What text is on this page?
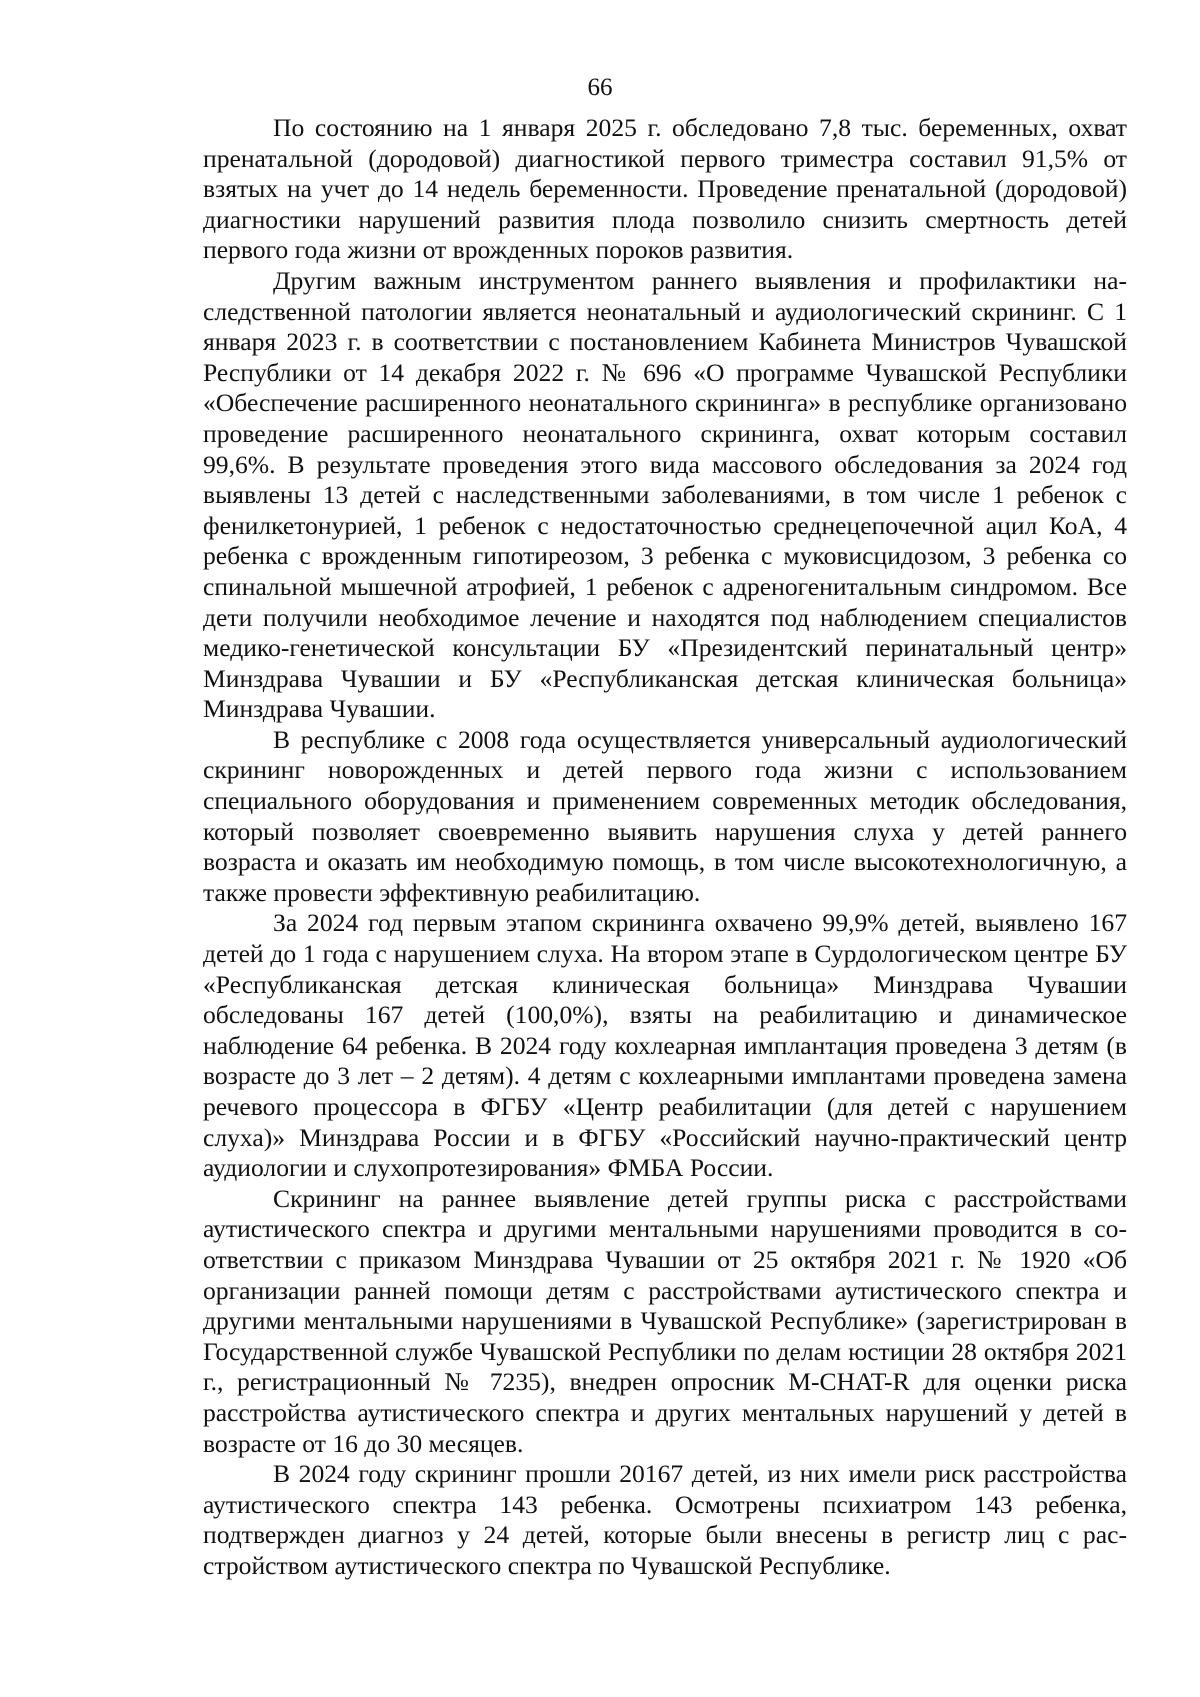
66

По состоянию на 1 января 2025 г. обследовано 7,8 тыс. беременных, охват пренатальной (дородовой) диагностикой первого триместра составил 91,5% от взятых на учет до 14 недель беременности. Проведение пренатальной (дородовой) диагностики нарушений развития плода позволило снизить смертность детей первого года жизни от врожденных пороков развития.

Другим важным инструментом раннего выявления и профилактики наследственной патологии является неонатальный и аудиологический скрининг. С 1 января 2023 г. в соответствии с постановлением Кабинета Министров Чувашской Республики от 14 декабря 2022 г. № 696 «О программе Чувашской Республики «Обеспечение расширенного неонатального скрининга» в республике организовано проведение расширенного неонатального скрининга, охват которым составил 99,6%. В результате проведения этого вида массового обследования за 2024 год выявлены 13 детей с наследственными заболеваниями, в том числе 1 ребенок с фенилкетонурией, 1 ребенок с недостаточностью среднецепочечной ацил КоА, 4 ребенка с врожденным гипотиреозом, 3 ребенка с муковисцидозом, 3 ребенка со спинальной мышечной атрофией, 1 ребенок с адреногенитальным синдромом. Все дети получили необходимое лечение и находятся под наблюдением специалистов медико-генетической консультации БУ «Президентский перинатальный центр» Минздрава Чувашии и БУ «Республиканская детская клиническая больница» Минздрава Чувашии.

В республике с 2008 года осуществляется универсальный аудиологический скрининг новорожденных и детей первого года жизни с использованием специального оборудования и применением современных методик обследования, который позволяет своевременно выявить нарушения слуха у детей раннего возраста и оказать им необходимую помощь, в том числе высокотехнологичную, а также провести эффективную реабилитацию.

За 2024 год первым этапом скрининга охвачено 99,9% детей, выявлено 167 детей до 1 года с нарушением слуха. На втором этапе в Сурдологическом центре БУ «Республиканская детская клиническая больница» Минздрава Чувашии обследованы 167 детей (100,0%), взяты на реабилитацию и динамическое наблюдение 64 ребенка. В 2024 году кохлеарная имплантация проведена 3 детям (в возрасте до 3 лет – 2 детям). 4 детям с кохлеарными имплантами проведена замена речевого процессора в ФГБУ «Центр реабилитации (для детей с нарушением слуха)» Минздрава России и в ФГБУ «Российский научно-практический центр аудиологии и слухопротезирования» ФМБА России.

Скрининг на раннее выявление детей группы риска с расстройствами аутистического спектра и другими ментальными нарушениями проводится в соответствии с приказом Минздрава Чувашии от 25 октября 2021 г. № 1920 «Об организации ранней помощи детям с расстройствами аутистического спектра и другими ментальными нарушениями в Чувашской Республике» (зарегистрирован в Государственной службе Чувашской Республики по делам юстиции 28 октября 2021 г., регистрационный № 7235), внедрен опросник M-CHAT-R для оценки риска расстройства аутистического спектра и других ментальных нарушений у детей в возрасте от 16 до 30 месяцев.

В 2024 году скрининг прошли 20167 детей, из них имели риск расстройства аутистического спектра 143 ребенка. Осмотрены психиатром 143 ребенка, подтвержден диагноз у 24 детей, которые были внесены в регистр лиц с расстройством аутистического спектра по Чувашской Республике.
